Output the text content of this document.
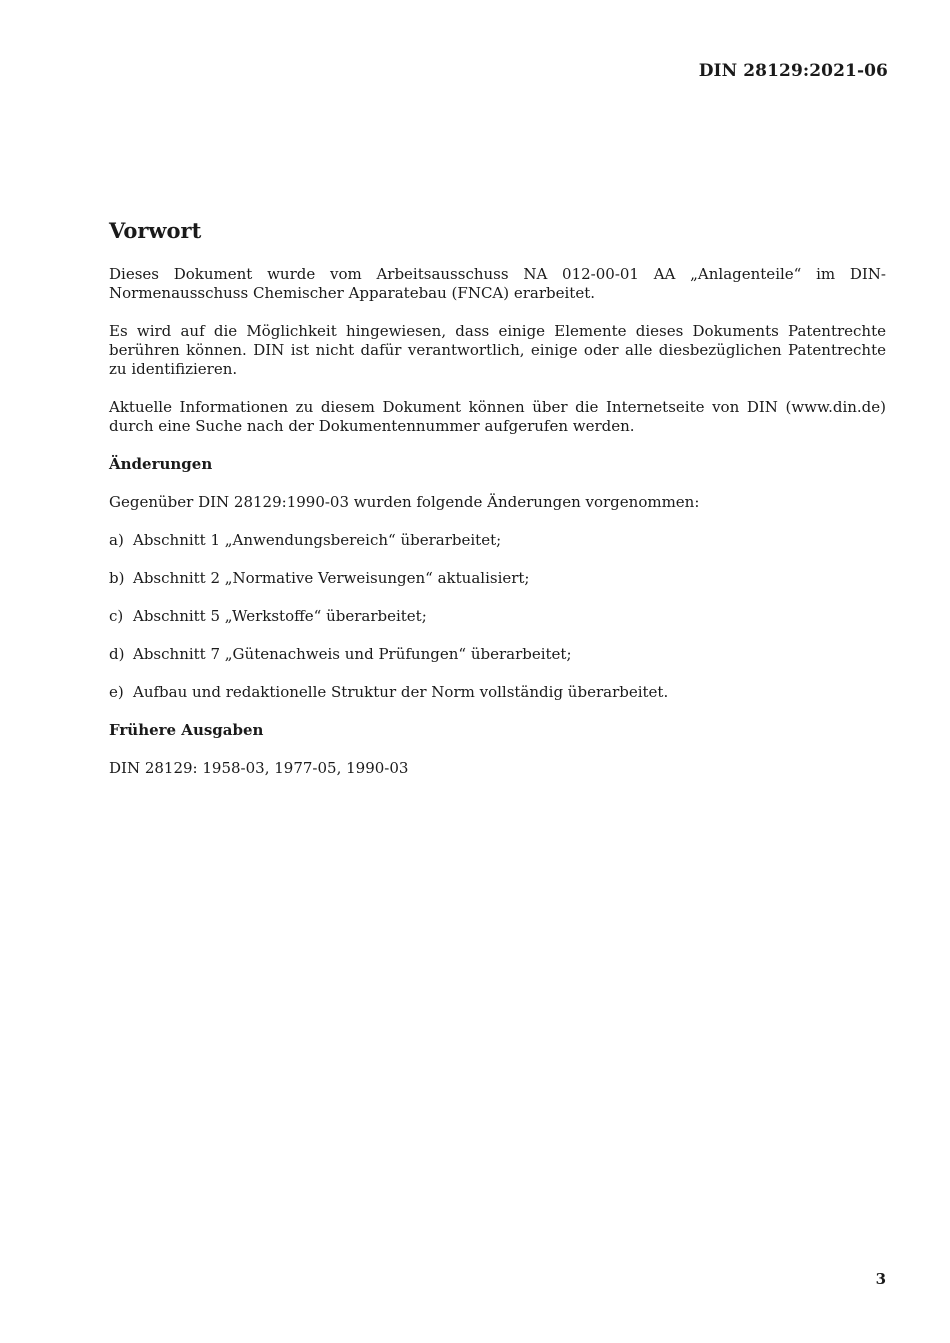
DIN 28129:2021-06

Vorwort

Dieses Dokument wurde vom Arbeitsausschuss NA 012-00-01 AA „Anlagenteile“ im DIN-Normenausschuss Chemischer Apparatebau (FNCA) erarbeitet.

Es wird auf die Möglichkeit hingewiesen, dass einige Elemente dieses Dokuments Patentrechte berühren können. DIN ist nicht dafür verantwortlich, einige oder alle diesbezüglichen Patentrechte zu identifizieren.

Aktuelle Informationen zu diesem Dokument können über die Internetseite von DIN (www.din.de) durch eine Suche nach der Dokumentennummer aufgerufen werden.

Änderungen

Gegenüber DIN 28129:1990-03 wurden folgende Änderungen vorgenommen:

a) Abschnitt 1 „Anwendungsbereich“ überarbeitet;
b) Abschnitt 2 „Normative Verweisungen“ aktualisiert;
c) Abschnitt 5 „Werkstoffe“ überarbeitet;
d) Abschnitt 7 „Gütenachweis und Prüfungen“ überarbeitet;
e) Aufbau und redaktionelle Struktur der Norm vollständig überarbeitet.
Frühere Ausgaben

DIN 28129: 1958-03, 1977-05, 1990-03

3
